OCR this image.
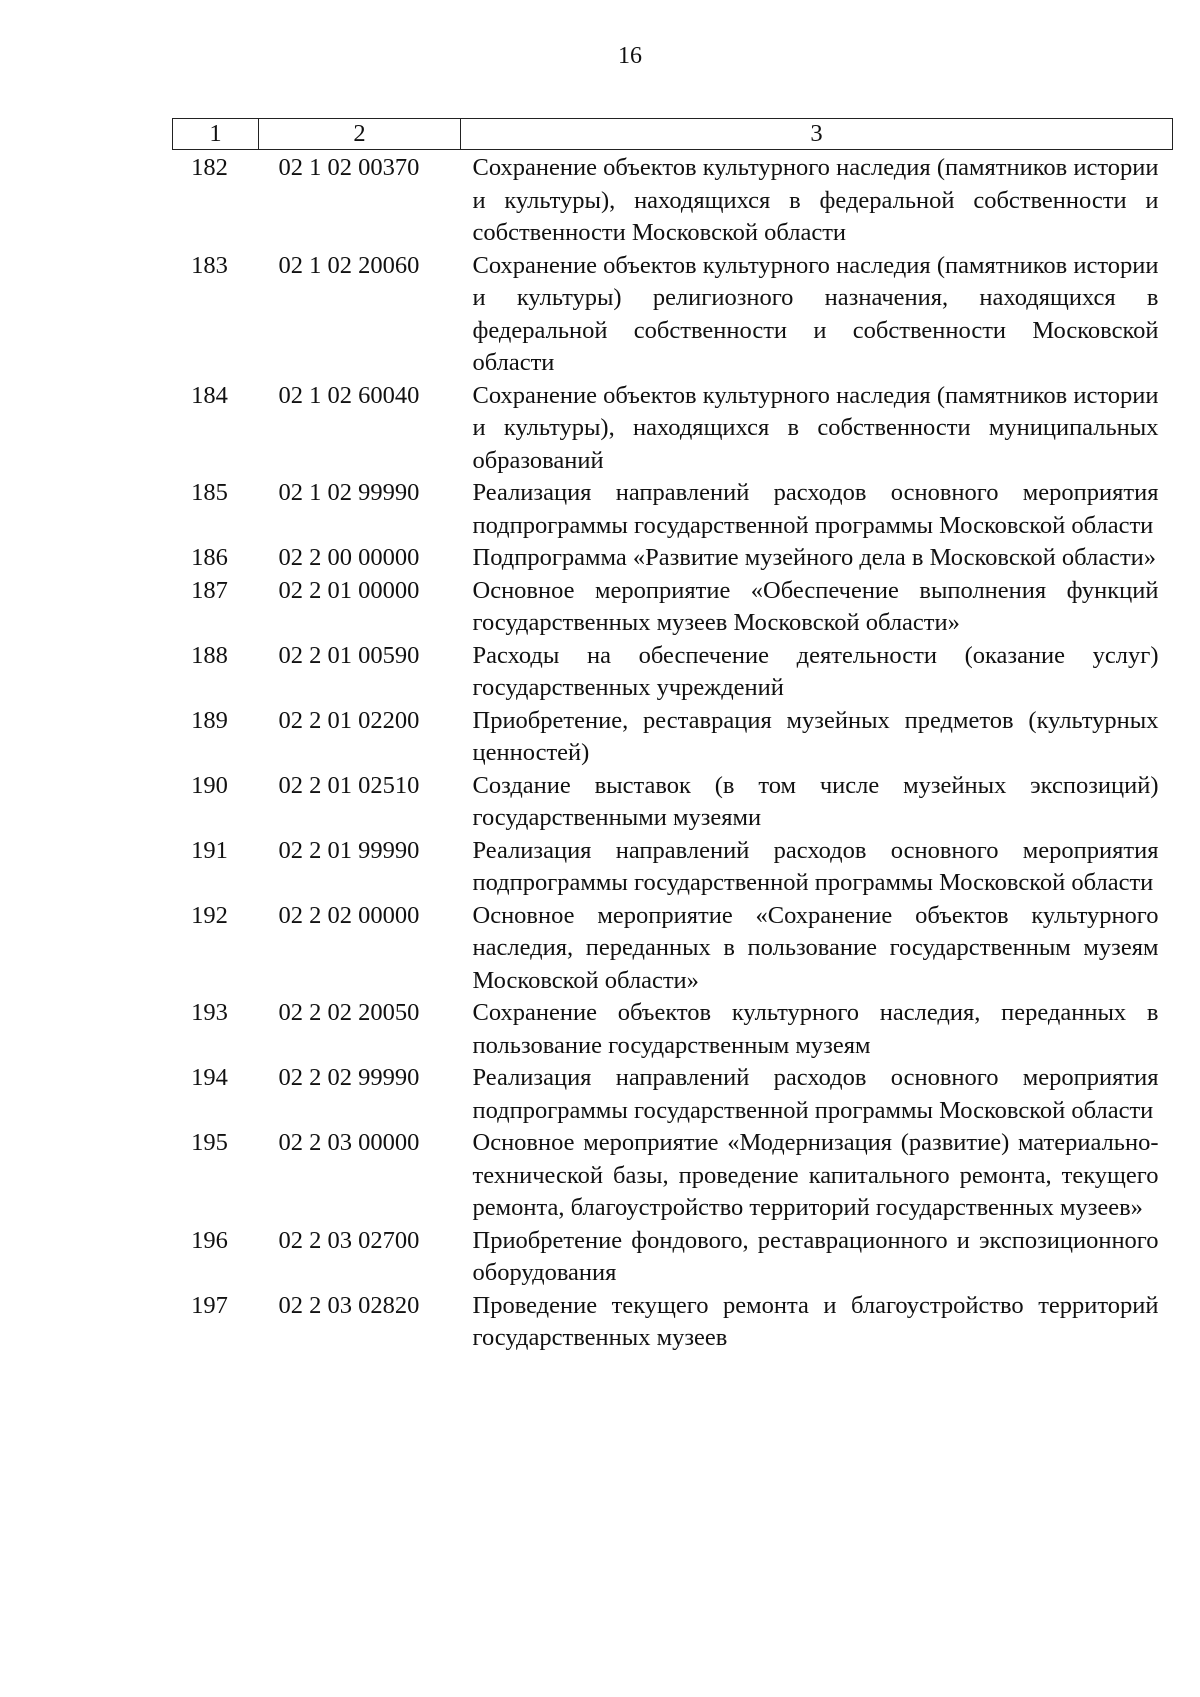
16
1	2	3
182	02 1 02 00370	Сохранение объектов культурного наследия (памятников истории и культуры), находящихся в федеральной собственности и собственности Московской области
183	02 1 02 20060	Сохранение объектов культурного наследия (памятников истории и культуры) религиозного назначения, находящихся в федеральной собственности и собственности Московской области
184	02 1 02 60040	Сохранение объектов культурного наследия (памятников истории и культуры), находящихся в собственности муниципальных образований
185	02 1 02 99990	Реализация направлений расходов основного мероприятия подпрограммы государственной программы Московской области
186	02 2 00 00000	Подпрограмма «Развитие музейного дела в Московской области»
187	02 2 01 00000	Основное мероприятие «Обеспечение выполнения функций государственных музеев Московской области»
188	02 2 01 00590	Расходы на обеспечение деятельности (оказание услуг) государственных учреждений
189	02 2 01 02200	Приобретение, реставрация музейных предметов (культурных ценностей)
190	02 2 01 02510	Создание выставок (в том числе музейных экспозиций) государственными музеями
191	02 2 01 99990	Реализация направлений расходов основного мероприятия подпрограммы государственной программы Московской области
192	02 2 02 00000	Основное мероприятие «Сохранение объектов культурного наследия, переданных в пользование государственным музеям Московской области»
193	02 2 02 20050	Сохранение объектов культурного наследия, переданных в пользование государственным музеям
194	02 2 02 99990	Реализация направлений расходов основного мероприятия подпрограммы государственной программы Московской области
195	02 2 03 00000	Основное мероприятие «Модернизация (развитие) материально-технической базы, проведение капитального ремонта, текущего ремонта, благоустройство территорий государственных музеев»
196	02 2 03 02700	Приобретение фондового, реставрационного и экспозиционного оборудования
197	02 2 03 02820	Проведение текущего ремонта и благоустройство территорий государственных музеев
